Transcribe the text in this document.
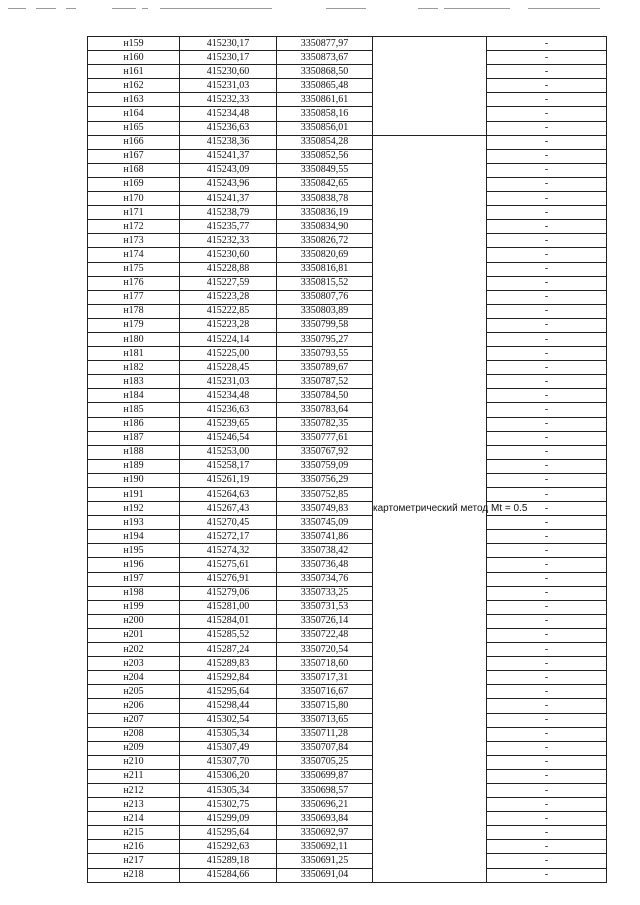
н159	415230,17	3350877,97		-
н160	415230,17	3350873,67		-
н161	415230,60	3350868,50		-
н162	415231,03	3350865,48		-
н163	415232,33	3350861,61		-
н164	415234,48	3350858,16		-
н165	415236,63	3350856,01		-
н166	415238,36	3350854,28	картометрический метод Mt = 0.5	-
н167	415241,37	3350852,56		-
н168	415243,09	3350849,55		-
н169	415243,96	3350842,65		-
н170	415241,37	3350838,78		-
н171	415238,79	3350836,19		-
н172	415235,77	3350834,90		-
н173	415232,33	3350826,72		-
н174	415230,60	3350820,69		-
н175	415228,88	3350816,81		-
н176	415227,59	3350815,52		-
н177	415223,28	3350807,76		-
н178	415222,85	3350803,89		-
н179	415223,28	3350799,58		-
н180	415224,14	3350795,27		-
н181	415225,00	3350793,55		-
н182	415228,45	3350789,67		-
н183	415231,03	3350787,52		-
н184	415234,48	3350784,50		-
н185	415236,63	3350783,64		-
н186	415239,65	3350782,35		-
н187	415246,54	3350777,61		-
н188	415253,00	3350767,92		-
н189	415258,17	3350759,09		-
н190	415261,19	3350756,29		-
н191	415264,63	3350752,85		-
н192	415267,43	3350749,83		-
н193	415270,45	3350745,09		-
н194	415272,17	3350741,86		-
н195	415274,32	3350738,42		-
н196	415275,61	3350736,48		-
н197	415276,91	3350734,76		-
н198	415279,06	3350733,25		-
н199	415281,00	3350731,53		-
н200	415284,01	3350726,14		-
н201	415285,52	3350722,48		-
н202	415287,24	3350720,54		-
н203	415289,83	3350718,60		-
н204	415292,84	3350717,31		-
н205	415295,64	3350716,67		-
н206	415298,44	3350715,80		-
н207	415302,54	3350713,65		-
н208	415305,34	3350711,28		-
н209	415307,49	3350707,84		-
н210	415307,70	3350705,25		-
н211	415306,20	3350699,87		-
н212	415305,34	3350698,57		-
н213	415302,75	3350696,21		-
н214	415299,09	3350693,84		-
н215	415295,64	3350692,97		-
н216	415292,63	3350692,11		-
н217	415289,18	3350691,25		-
н218	415284,66	3350691,04		-
